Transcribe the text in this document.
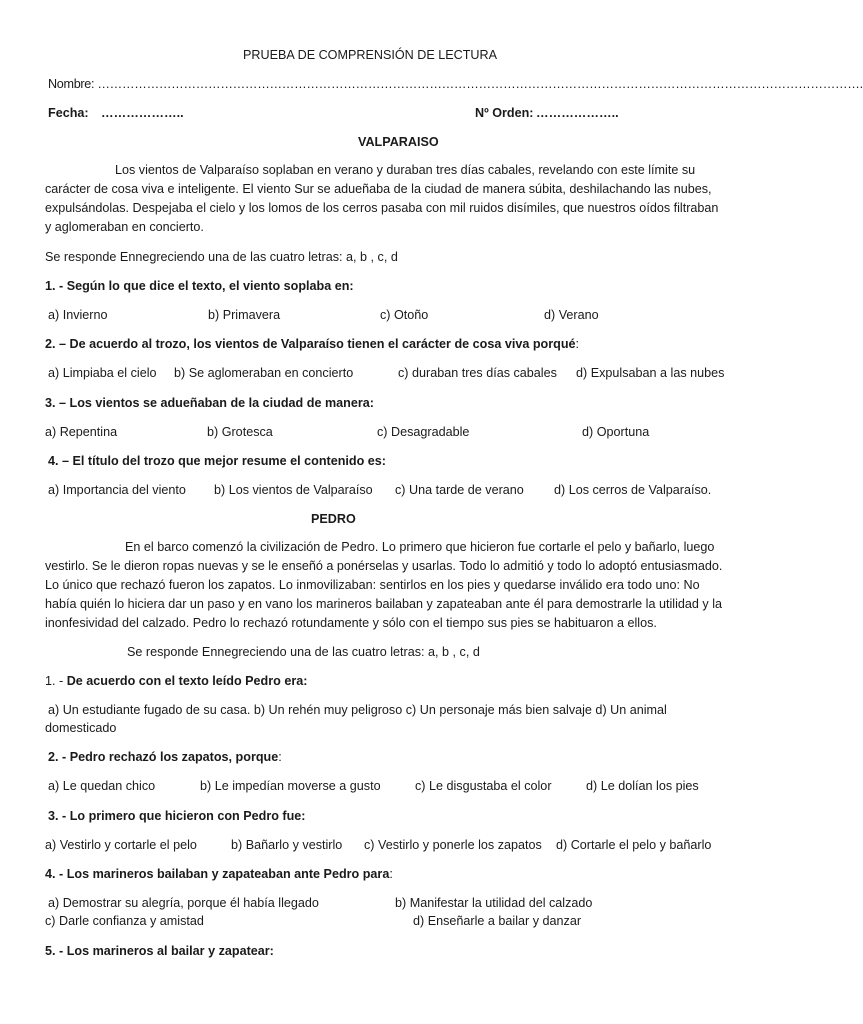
PRUEBA DE COMPRENSIÓN DE LECTURA
Nombre: …………………………………………………………………………………………………………………………………………………………………….
Fecha: ………………..	Nº Orden: ………………..
VALPARAISO
Los vientos de Valparaíso soplaban en verano y duraban tres días cabales, revelando con este límite su carácter de cosa viva e inteligente. El viento Sur se adueñaba de la ciudad de manera súbita, deshilachando las nubes, expulsándolas. Despejaba el cielo y los lomos de los cerros pasaba con mil ruidos disímiles, que nuestros oídos filtraban y aglomeraban en concierto.
Se responde Ennegreciendo una de las cuatro letras: a, b , c, d
1. - Según lo que dice el texto, el viento soplaba en:
a) Invierno	b) Primavera	c) Otoño	d) Verano
2. – De acuerdo al trozo, los vientos de Valparaíso tienen el carácter de cosa viva porqué:
a) Limpiaba el cielo b) Se aglomeraban en concierto	c) duraban tres días cabales d) Expulsaban a las nubes
3. – Los vientos se adueñaban de la ciudad de manera:
a) Repentina	b) Grotesca	c) Desagradable	d) Oportuna
4. – El título del trozo que mejor resume el contenido es:
a) Importancia del viento b) Los vientos de Valparaíso c) Una tarde de verano d) Los cerros de Valparaíso.
PEDRO
En el barco comenzó la civilización de Pedro. Lo primero que hicieron fue cortarle el pelo y bañarlo, luego vestirlo. Se le dieron ropas nuevas y se le enseñó a ponérselas y usarlas. Todo lo admitió y todo lo adoptó entusiasmado. Lo único que rechazó fueron los zapatos. Lo inmovilizaban: sentirlos en los pies y quedarse inválido era todo uno: No había quién lo hiciera dar un paso y en vano los marineros bailaban y zapateaban ante él para demostrarle la utilidad y la inonfesividad del calzado. Pedro lo rechazó rotundamente y sólo con el tiempo sus pies se habituaron a ellos.
Se responde Ennegreciendo una de las cuatro letras: a, b , c, d
1. - De acuerdo con el texto leído Pedro era:
a) Un estudiante fugado de su casa. b) Un rehén muy peligroso c) Un personaje más bien salvaje d) Un animal
domesticado
2. - Pedro rechazó los zapatos, porque:
a) Le quedan chico	b) Le impedían moverse a gusto	c) Le disgustaba el color	d) Le dolían los pies
3. - Lo primero que hicieron con Pedro fue:
a) Vestirlo y cortarle el pelo	b) Bañarlo y vestirlo c) Vestirlo y ponerle los zapatos d) Cortarle el pelo y bañarlo
4. - Los marineros bailaban y zapateaban ante Pedro para:
a) Demostrar su alegría, porque él había llegado	b) Manifestar la utilidad del calzado
c) Darle confianza y amistad	d) Enseñarle a bailar y danzar
5. - Los marineros al bailar y zapatear:
